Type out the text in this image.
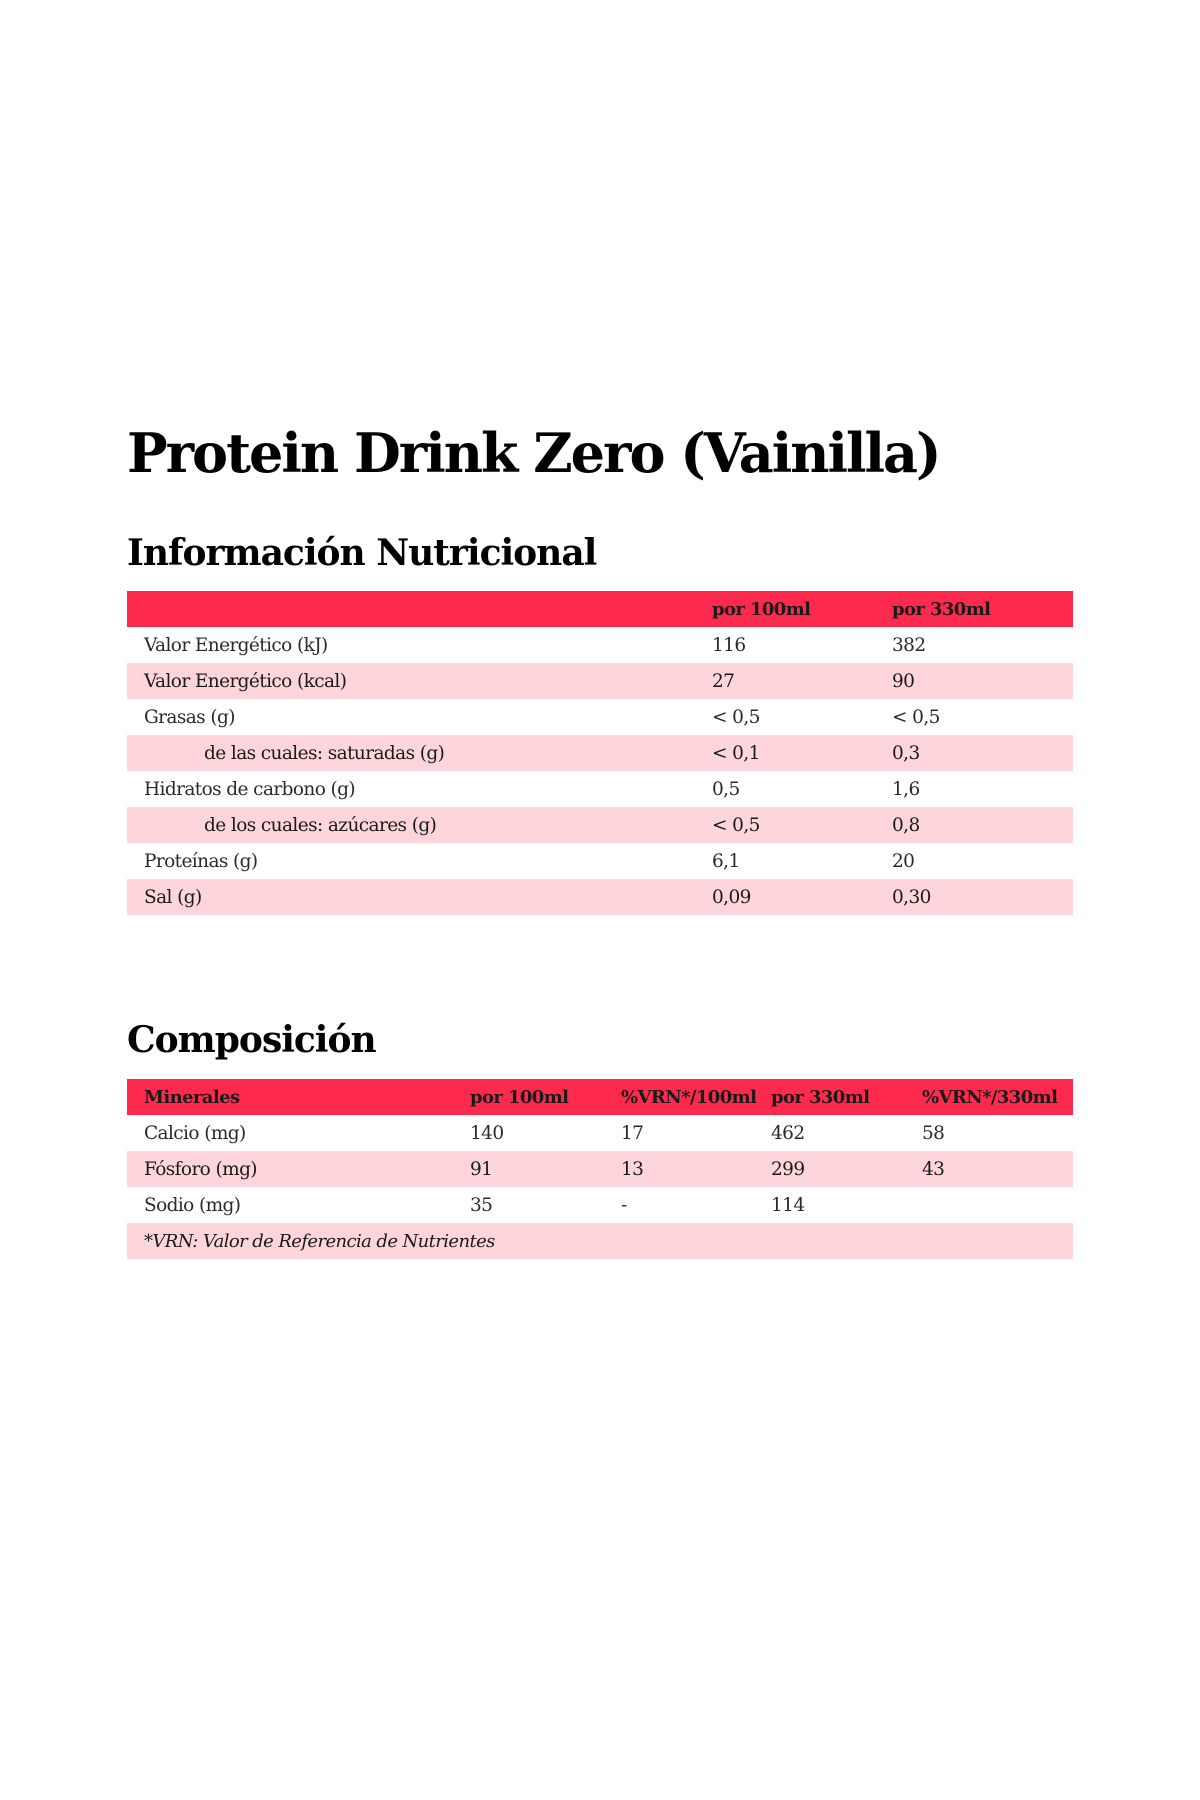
Protein Drink Zero (Vainilla)
Información Nutricional
por 100ml	por 330ml
Valor Energético (kJ)	116	382
Valor Energético (kcal)	27	90
Grasas (g)	< 0,5	< 0,5
de las cuales: saturadas (g)	< 0,1	0,3
Hidratos de carbono (g)	0,5	1,6
de los cuales: azúcares (g)	< 0,5	0,8
Proteínas (g)	6,1	20
Sal (g)	0,09	0,30
Composición
Minerales	por 100ml	%VRN*/100ml por 330ml	%VRN*/330ml
Calcio (mg)	140	17	462	58
Fósforo (mg)	91	13	299	43
Sodio (mg)	35	-	114
*VRN: Valor de Referencia de Nutrientes
